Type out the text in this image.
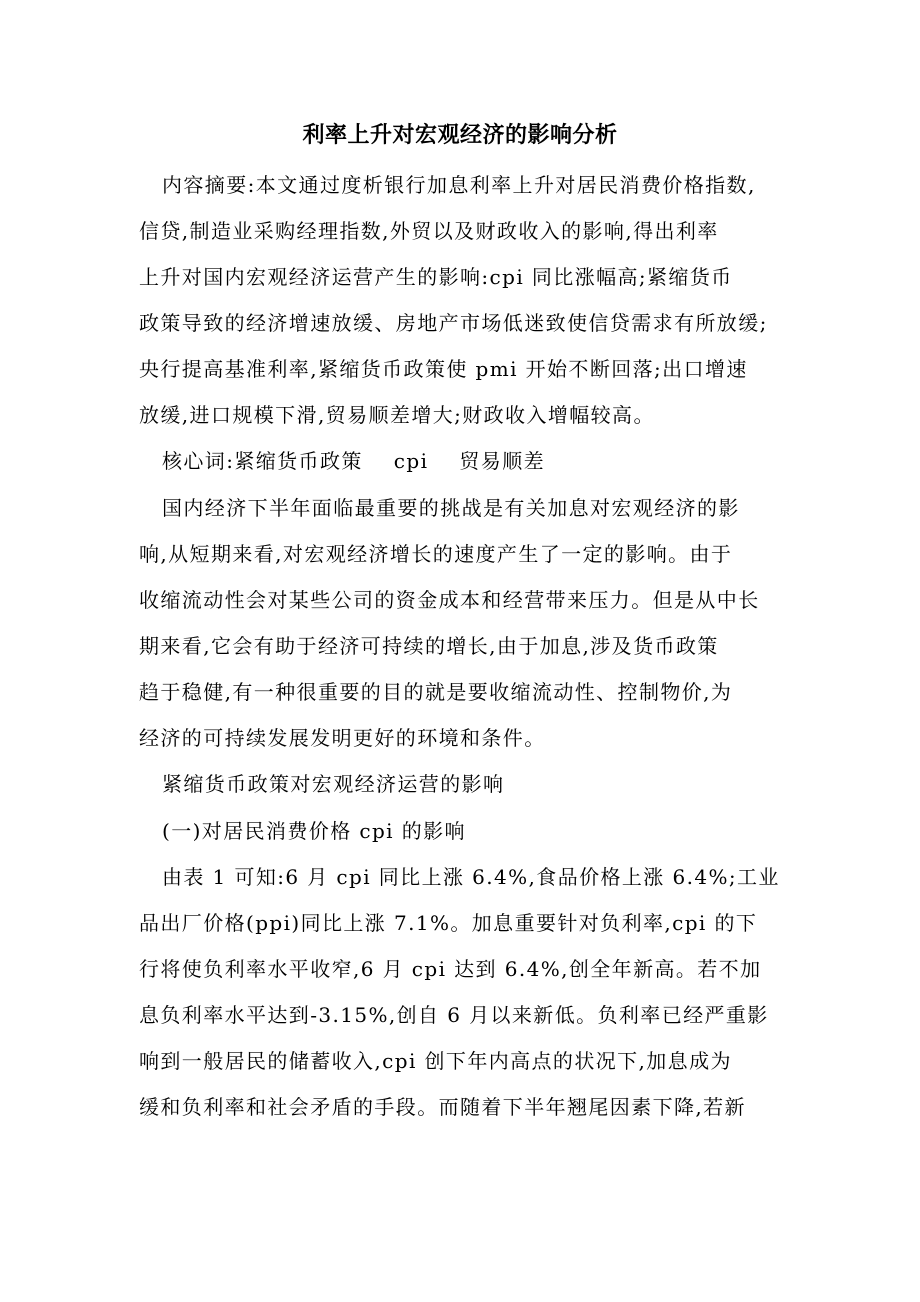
利率上升对宏观经济的影响分析
内容摘要:本文通过度析银行加息利率上升对居民消费价格指数,
信贷,制造业采购经理指数,外贸以及财政收入的影响,得出利率
上升对国内宏观经济运营产生的影响:cpi 同比涨幅高;紧缩货币
政策导致的经济增速放缓、房地产市场低迷致使信贷需求有所放缓;
央行提高基准利率,紧缩货币政策使 pmi 开始不断回落;出口增速
放缓,进口规模下滑,贸易顺差增大;财政收入增幅较高。
核心词:紧缩货币政策    cpi    贸易顺差
国内经济下半年面临最重要的挑战是有关加息对宏观经济的影
响,从短期来看,对宏观经济增长的速度产生了一定的影响。由于
收缩流动性会对某些公司的资金成本和经营带来压力。但是从中长
期来看,它会有助于经济可持续的增长,由于加息,涉及货币政策
趋于稳健,有一种很重要的目的就是要收缩流动性、控制物价,为
经济的可持续发展发明更好的环境和条件。
紧缩货币政策对宏观经济运营的影响
(一)对居民消费价格 cpi 的影响
由表 1 可知:6 月 cpi 同比上涨 6.4%,食品价格上涨 6.4%;工业
品出厂价格(ppi)同比上涨 7.1%。加息重要针对负利率,cpi 的下
行将使负利率水平收窄,6 月 cpi 达到 6.4%,创全年新高。若不加
息负利率水平达到-3.15%,创自 6 月以来新低。负利率已经严重影
响到一般居民的储蓄收入,cpi 创下年内高点的状况下,加息成为
缓和负利率和社会矛盾的手段。而随着下半年翘尾因素下降,若新
